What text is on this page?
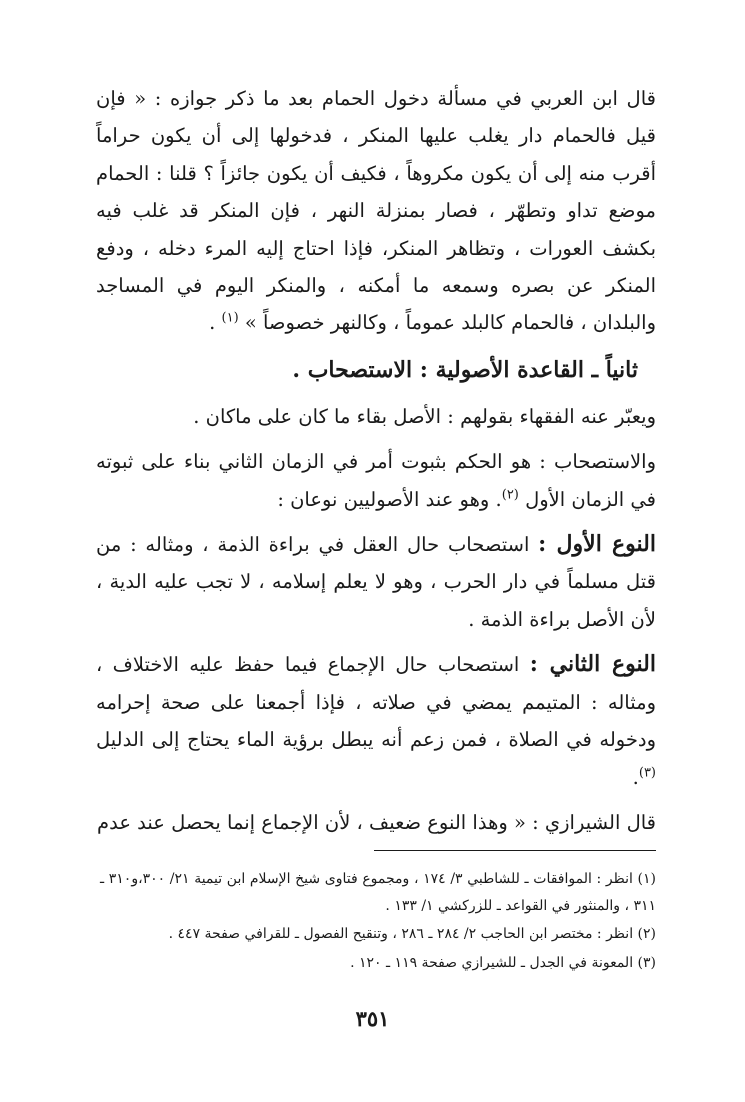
قال ابن العربي في مسألة دخول الحمام بعد ما ذكر جوازه : « فإن قيل فالحمام دار يغلب عليها المنكر ، فدخولها إلى أن يكون حراماً أقرب منه إلى أن يكون مكروهاً ، فكيف أن يكون جائزاً ؟ قلنا : الحمام موضع تداو وتطهّر ، فصار بمنزلة النهر ، فإن المنكر قد غلب فيه بكشف العورات ، وتظاهر المنكر، فإذا احتاج إليه المرء دخله ، ودفع المنكر عن بصره وسمعه ما أمكنه ، والمنكر اليوم في المساجد والبلدان ، فالحمام كالبلد عموماً ، وكالنهر خصوصاً » $^{(١)}$ .

ثانياً ـ القاعدة الأصولية : الاستصحاب .

ويعبّر عنه الفقهاء بقولهم : الأصل بقاء ما كان على ماكان .

والاستصحاب : هو الحكم بثبوت أمر في الزمان الثاني بناء على ثبوته في الزمان الأول $^{(٢)}$. وهو عند الأصوليين نوعان :

النوع الأول : استصحاب حال العقل في براءة الذمة ، ومثاله : من قتل مسلماً في دار الحرب ، وهو لا يعلم إسلامه ، لا تجب عليه الدية ، لأن الأصل براءة الذمة .

النوع الثاني : استصحاب حال الإجماع فيما حفظ عليه الاختلاف ، ومثاله : المتيمم يمضي في صلاته ، فإذا أجمعنا على صحة إحرامه ودخوله في الصلاة ، فمن زعم أنه يبطل برؤية الماء يحتاج إلى الدليل $^{(٣)}$.

قال الشيرازي : « وهذا النوع ضعيف ، لأن الإجماع إنما يحصل عند عدم

(١) انظر : الموافقات ـ للشاطبي ٣/ ١٧٤ ، ومجموع فتاوى شيخ الإسلام ابن تيمية ٢١/ ٣٠٠،و٣١٠ ـ ٣١١ ، والمنثور في القواعد ـ للزركشي ١/ ١٣٣ .

(٢) انظر : مختصر ابن الحاجب ٢/ ٢٨٤ ـ ٢٨٦ ، وتنقيح الفصول ـ للقرافي صفحة ٤٤٧ .

(٣) المعونة في الجدل ـ للشيرازي صفحة ١١٩ ـ ١٢٠ .

٣٥١
